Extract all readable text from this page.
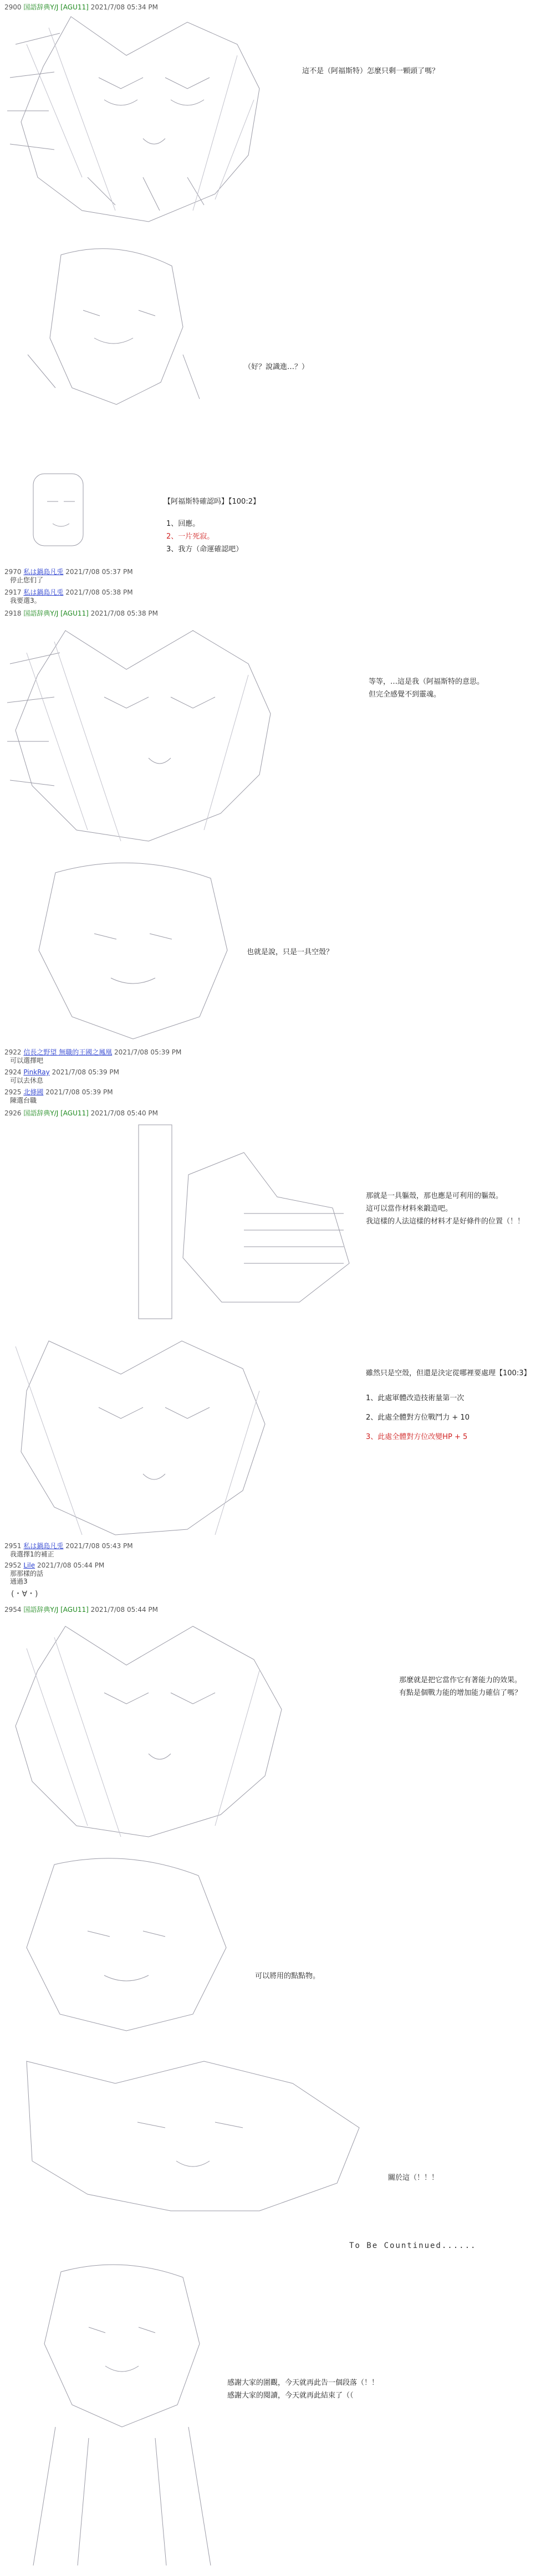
2900 国語辞典Y/J [AGU11] 2021/7/08 05:34 PM

這不是（阿福斯特）怎麼只剩一顆頭了嗎？

（好？說識進…？）

【阿福斯特確認吗】【100:2】
1、回應。
2、一片死寂。
3、我方（命運確認吧）
2970 私は鍋島凡兎 2021/7/08 05:37 PM
停止您们了
2917 私は鍋島凡兎 2021/7/08 05:38 PM
我要選3。
2918 国語辞典Y/J [AGU11] 2021/7/08 05:38 PM

等等，…這是我（阿福斯特的意思。
但完全感覺不到靈魂。

也就是說，只是一具空殼？
2922 信長之野望 無職的王國之鳳凰 2021/7/08 05:39 PM
可以選擇吧
2924 PinkRay 2021/7/08 05:39 PM
可以去休息
2925 北條國 2021/7/08 05:39 PM
陳選台職
2926 国語辞典Y/J [AGU11] 2021/7/08 05:40 PM

那就是一具軀殼，那也應是可利用的軀殼。
這可以當作材料來鍛造吧。
我這樣的人法這樣的材料才是好條件的位置（！！

雖然只是空殼，但還是決定從哪裡要處理【100:3】
1、此處軍體改造技術量第一次
2、此處全體對方位戰鬥力 + 10
3、此處全體對方位改變HP + 5
2951 私は鍋島凡兎 2021/7/08 05:43 PM
我選擇1的補正
2952 Lile 2021/7/08 05:44 PM
那那樣的話
通過3
(・∀・)
2954 国語辞典Y/J [AGU11] 2021/7/08 05:44 PM

那麼就是把它當作它有著能力的效果。
有點是個戰力能的增加能力確信了嗎？

可以將用的點點物。

關於這（！！！
To Be Countinued......

感謝大家的圍觀，今天就再此告一個段落（！！
感謝大家的閱讀，今天就再此結束了（（
